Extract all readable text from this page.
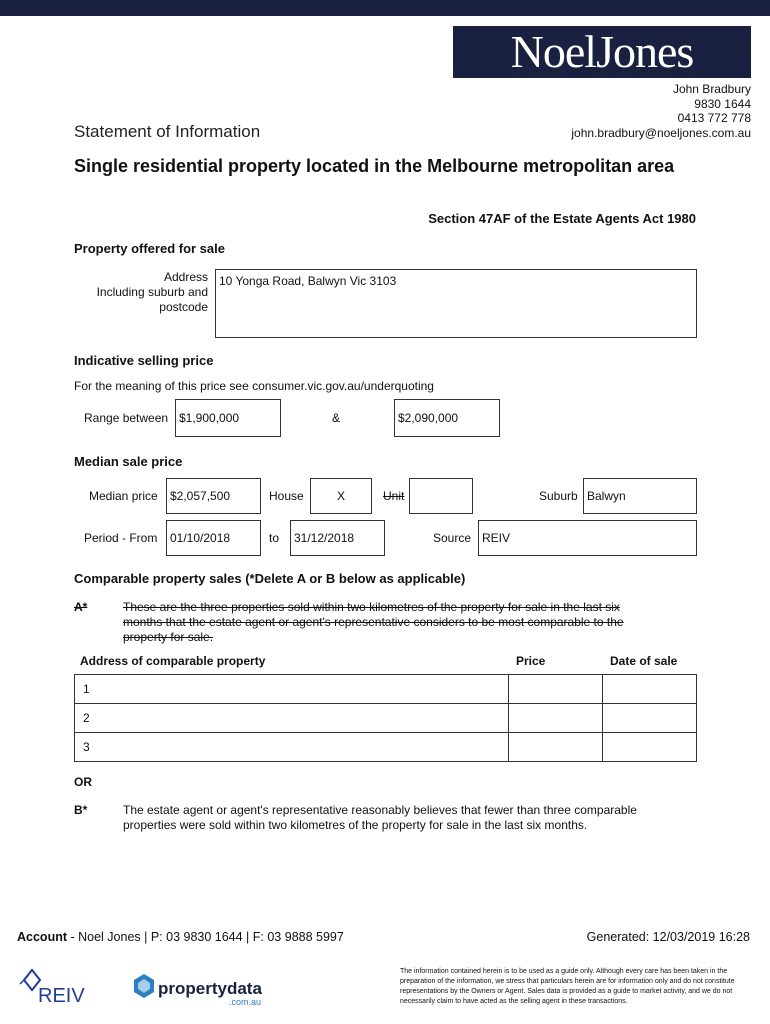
NoelJones
John Bradbury
9830 1644
0413 772 778
john.bradbury@noeljones.com.au
Statement of Information
Single residential property located in the Melbourne metropolitan area
Section 47AF of the Estate Agents Act 1980
Property offered for sale
Address
Including suburb and
postcode
10 Yonga Road, Balwyn Vic 3103
Indicative selling price
For the meaning of this price see consumer.vic.gov.au/underquoting
Range between $1,900,000	&	$2,090,000
Median sale price
Median price	$2,057,500	House	X	Unit	Suburb Balwyn
Period - From	01/10/2018	to	31/12/2018	Source REIV
Comparable property sales (*Delete A or B below as applicable)
A*	These are the three properties sold within two kilometres of the property for sale in the last six
months that the estate agent or agent's representative considers to be most comparable to the
property for sale.
Address of comparable property	Price	Date of sale
1		
2		
3		
OR
B*	The estate agent or agent's representative reasonably believes that fewer than three comparable
properties were sold within two kilometres of the property for sale in the last six months.
Account - Noel Jones | P: 03 9830 1644 | F: 03 9888 5997	Generated: 12/03/2019 16:28
REIV	propertydata
.com.au
The information contained herein is to be used as a guide only. Although every care has been taken in the preparation of the information, we stress that particulars herein are for information only and do not constitute representations by the Owners or Agent. Sales data is provided as a guide to market activity, and we do not necessarily claim to have acted as the selling agent in these transactions.
